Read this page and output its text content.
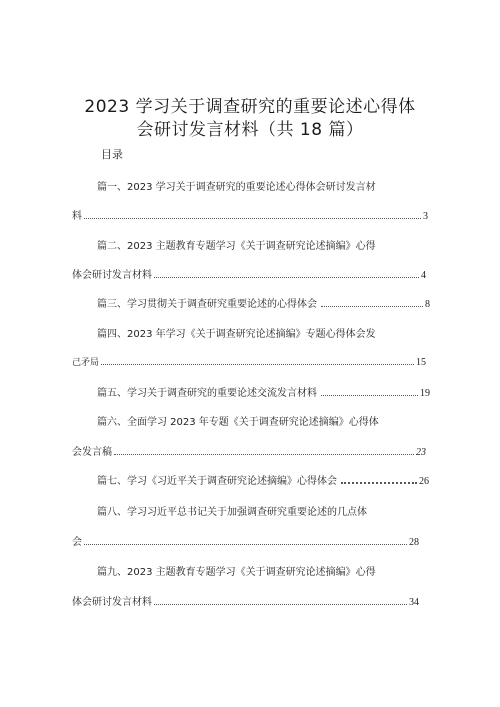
2023 学习关于调查研究的重要论述心得体
会研讨发言材料（共 18 篇）
目录
篇一、2023 学习关于调查研究的重要论述心得体会研讨发言材
料	3
篇二、2023 主题教育专题学习《关于调查研究论述摘编》心得
体会研讨发言材料	4
篇三、学习贯彻关于调查研究重要论述的心得体会	8
篇四、2023 年学习《关于调查研究论述摘编》专题心得体会发
己矛局	15
篇五、学习关于调查研究的重要论述交流发言材料	19
篇六、全面学习 2023 年专题《关于调查研究论述摘编》心得体
会发言稿	23
篇七、学习《习近平关于调查研究论述摘编》心得体会	26
篇八、学习习近平总书记关于加强调查研究重要论述的几点体
会	28
篇九、2023 主题教育专题学习《关于调查研究论述摘编》心得
体会研讨发言材料	34
